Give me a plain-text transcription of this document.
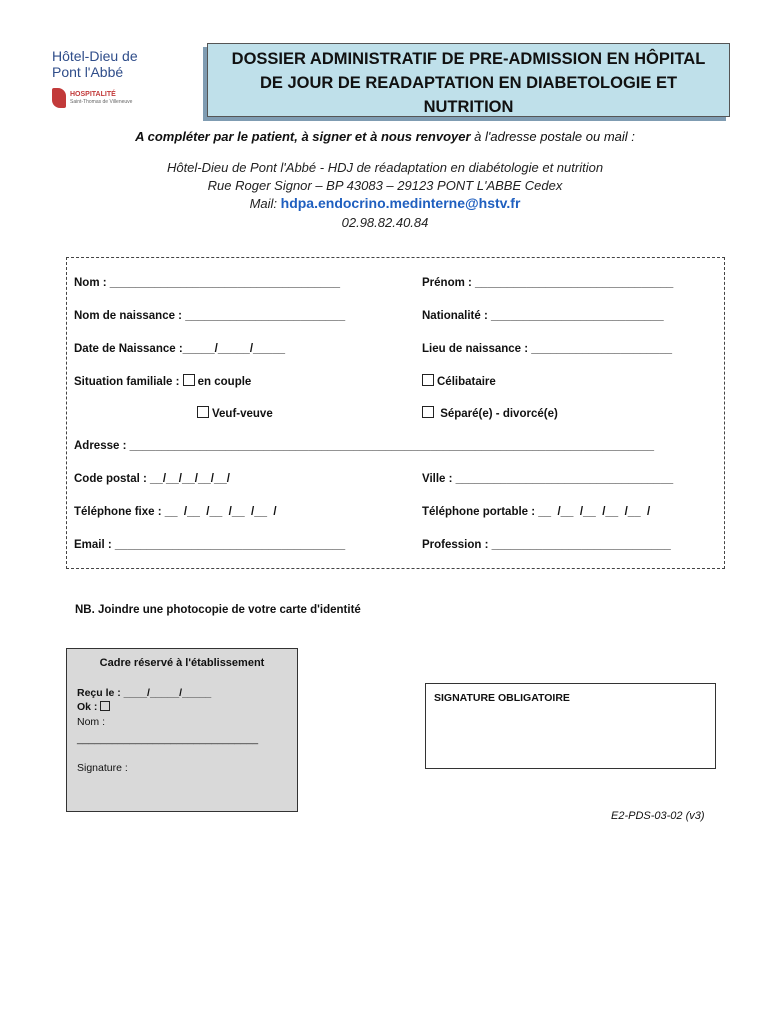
Hôtel-Dieu de
Pont l'Abbé
HOSPITALITÉ
Saint-Thomas de Villeneuve
DOSSIER ADMINISTRATIF DE PRE-ADMISSION EN HÔPITAL
DE JOUR DE READAPTATION EN DIABETOLOGIE ET
NUTRITION
A compléter par le patient, à signer et à nous renvoyer à l'adresse postale ou mail :
Hôtel-Dieu de Pont l'Abbé - HDJ de réadaptation en diabétologie et nutrition
Rue Roger Signor – BP 43083 – 29123 PONT L'ABBE Cedex
Mail: hdpa.endocrino.medinterne@hstv.fr
02.98.82.40.84
Nom : ____________________________________	Prénom : _______________________________
Nom de naissance : _________________________	Nationalité : ___________________________
Date de Naissance :_____/_____/_____	Lieu de naissance : ______________________
Situation familiale : en couple	Célibataire
Veuf-veuve	Séparé(e) - divorcé(e)
Adresse : __________________________________________________________________________________
Code postal : __/__/__/__/__/	Ville : __________________________________
Téléphone fixe : __  /__  /__  /__  /__  /	Téléphone portable : __  /__  /__  /__  /__  /
Email : ____________________________________	Profession : ____________________________
NB. Joindre une photocopie de votre carte d'identité
Cadre réservé à l'établissement
Reçu le : ____/_____/_____
Ok :
Nom :
_______________________________
Signature :
SIGNATURE OBLIGATOIRE
E2-PDS-03-02 (v3)
